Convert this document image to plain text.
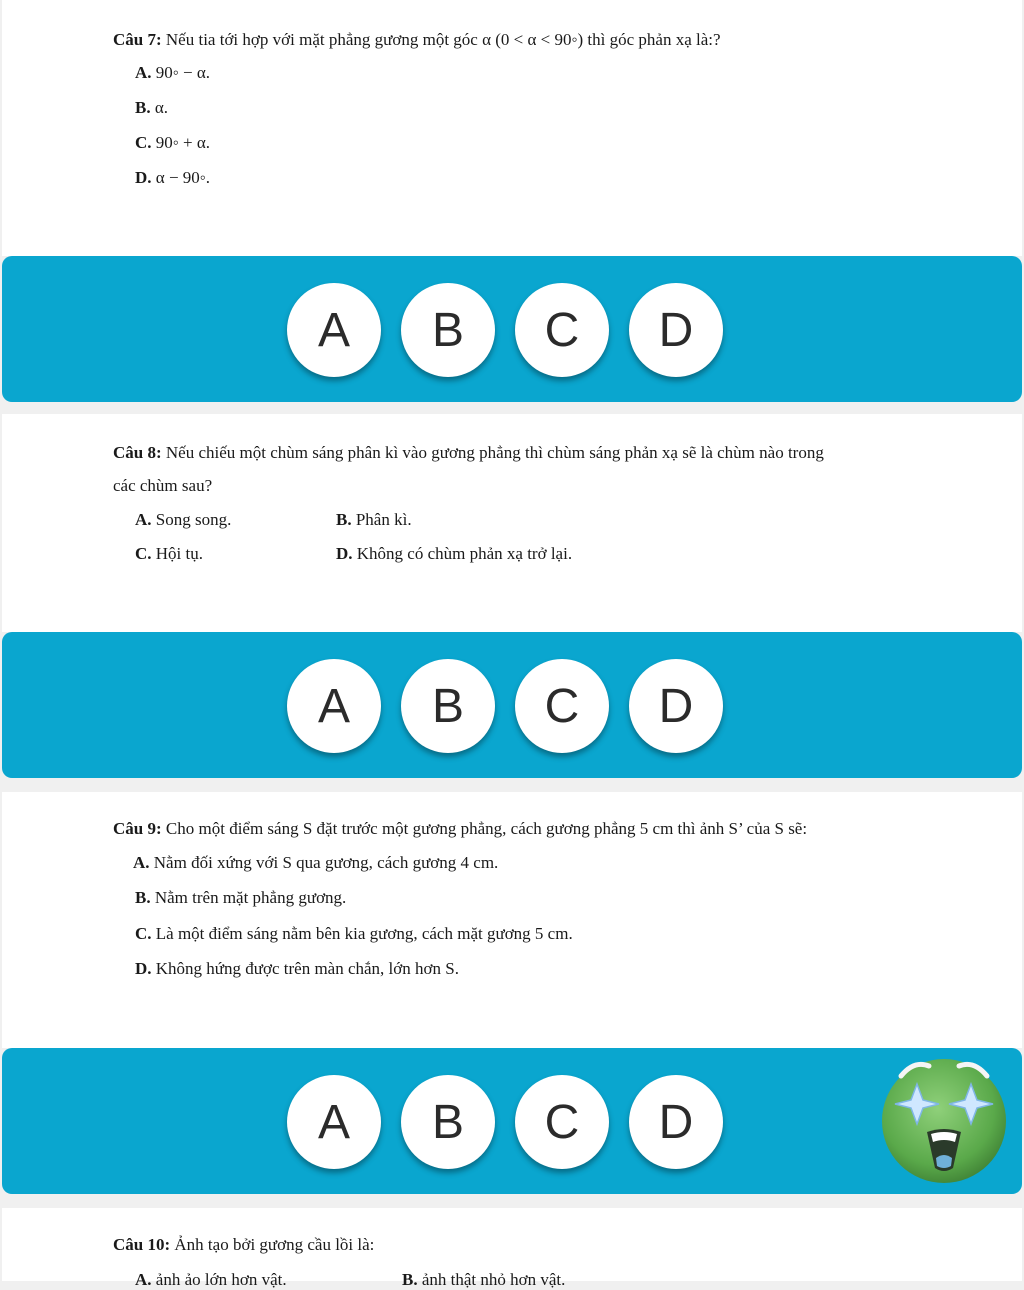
Câu 7: Nếu tia tới hợp với mặt phẳng gương một góc α (0 < α < 90◦) thì góc phản xạ là:?
A. 90◦ − α.
B. α.
C. 90◦ + α.
D. α − 90◦.
A	B	C	D
Câu 8: Nếu chiếu một chùm sáng phân kì vào gương phẳng thì chùm sáng phản xạ sẽ là chùm nào trong
các chùm sau?
A. Song song.	B. Phân kì.
C. Hội tụ.	D. Không có chùm phản xạ trở lại.
A	B	C	D
Câu 9: Cho một điểm sáng S đặt trước một gương phẳng, cách gương phẳng 5 cm thì ảnh S’ của S sẽ:
A. Nằm đối xứng với S qua gương, cách gương 4 cm.
B. Nằm trên mặt phẳng gương.
C. Là một điểm sáng nằm bên kia gương, cách mặt gương 5 cm.
D. Không hứng được trên màn chắn, lớn hơn S.
A	B	C	D
Câu 10: Ảnh tạo bởi gương cầu lồi là:
A. ảnh ảo lớn hơn vật.	B. ảnh thật nhỏ hơn vật.
